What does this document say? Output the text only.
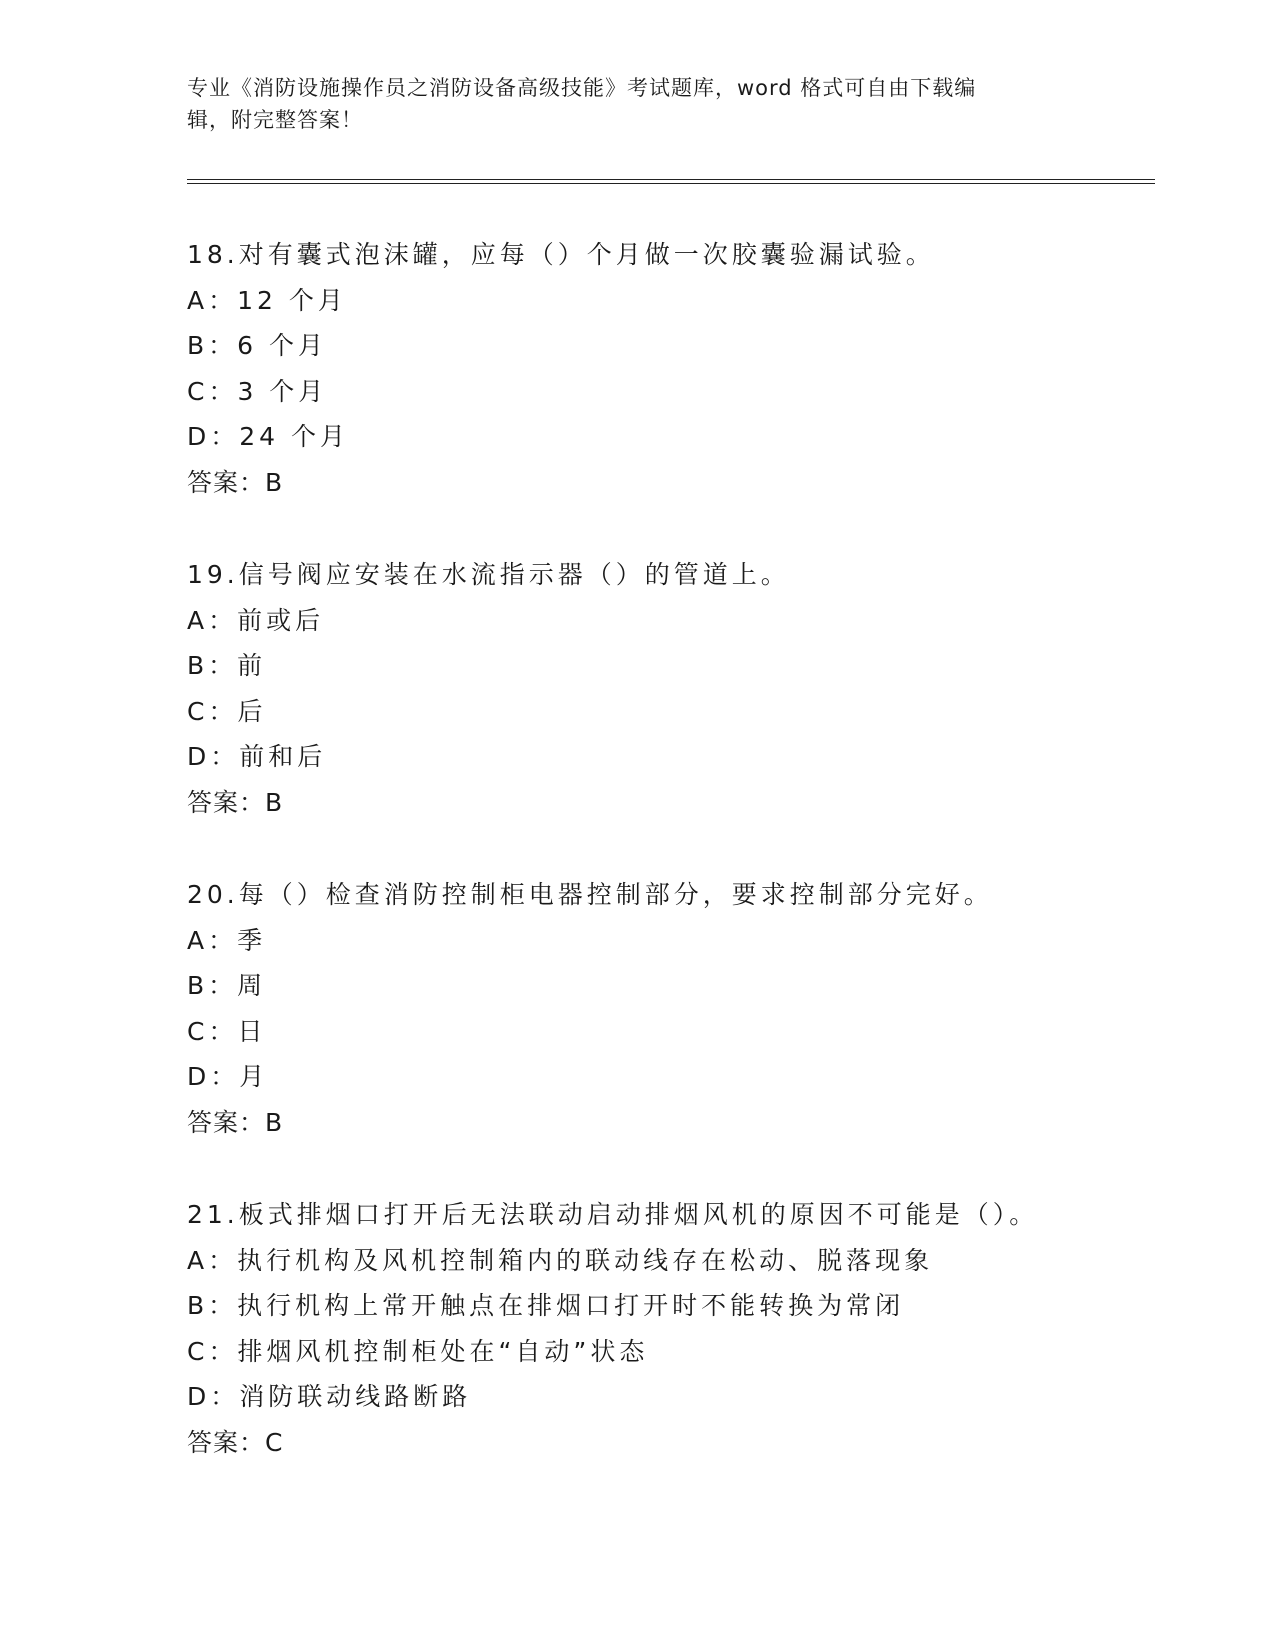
专业《消防设施操作员之消防设备高级技能》考试题库，word 格式可自由下载编
辑，附完整答案！
18.对有囊式泡沫罐，应每（）个月做一次胶囊验漏试验。
A：12 个月
B：6 个月
C：3 个月
D：24 个月
答案：B
19.信号阀应安装在水流指示器（）的管道上。
A：前或后
B：前
C：后
D：前和后
答案：B
20.每（）检查消防控制柜电器控制部分，要求控制部分完好。
A：季
B：周
C：日
D：月
答案：B
21.板式排烟口打开后无法联动启动排烟风机的原因不可能是（）。
A：执行机构及风机控制箱内的联动线存在松动、脱落现象
B：执行机构上常开触点在排烟口打开时不能转换为常闭
C：排烟风机控制柜处在“自动”状态
D：消防联动线路断路
答案：C
